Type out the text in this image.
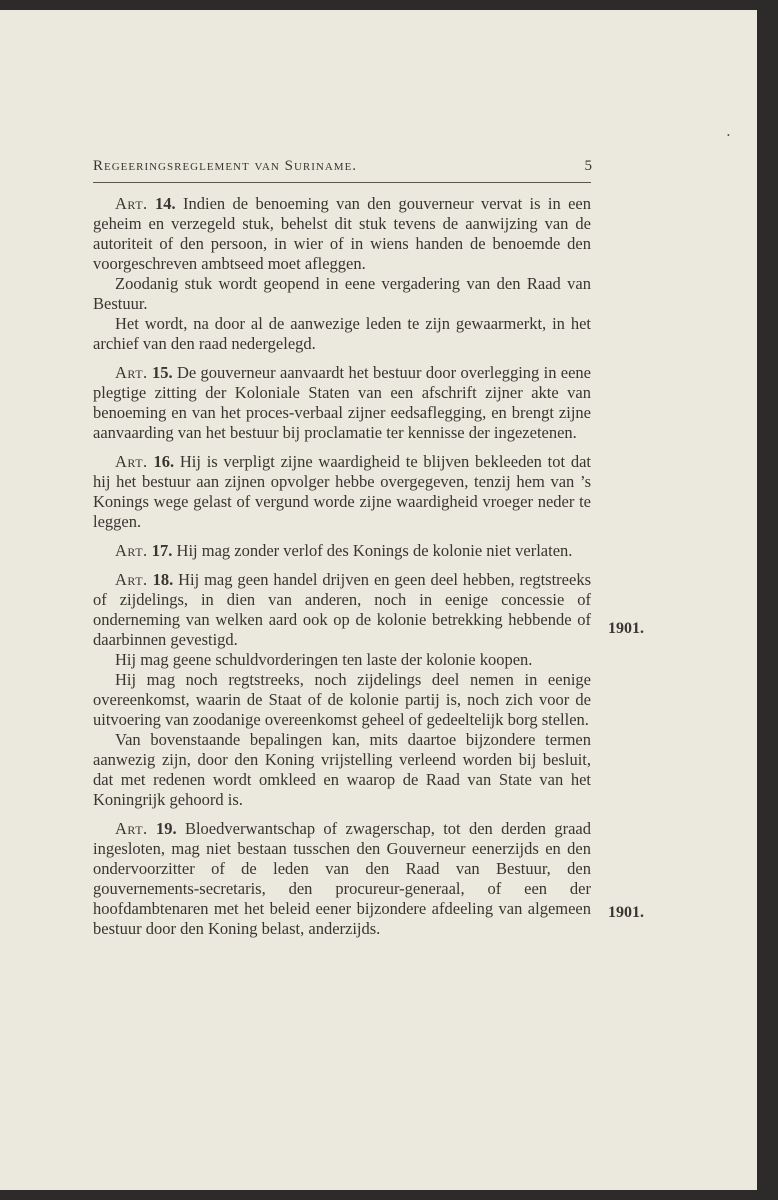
•
Regeeringsreglement van Suriname.	5

Art. 14. Indien de benoeming van den gouverneur vervat is in een geheim en verzegeld stuk, behelst dit stuk tevens de aanwijzing van de autoriteit of den persoon, in wier of in wiens handen de benoemde den voorgeschreven ambtseed moet afleggen.

Zoodanig stuk wordt geopend in eene vergadering van den Raad van Bestuur.

Het wordt, na door al de aanwezige leden te zijn gewaarmerkt, in het archief van den raad nedergelegd.

Art. 15. De gouverneur aanvaardt het bestuur door overlegging in eene plegtige zitting der Koloniale Staten van een afschrift zijner akte van benoeming en van het proces-verbaal zijner eedsaflegging, en brengt zijne aanvaarding van het bestuur bij proclamatie ter kennisse der ingezetenen.

Art. 16. Hij is verpligt zijne waardigheid te blijven bekleeden tot dat hij het bestuur aan zijnen opvolger hebbe overgegeven, tenzij hem van ’s Konings wege gelast of vergund worde zijne waardigheid vroeger neder te leggen.

Art. 17. Hij mag zonder verlof des Konings de kolonie niet verlaten.

Art. 18. Hij mag geen handel drijven en geen deel hebben, regtstreeks of zijdelings, in dien van anderen, noch in eenige concessie of onderneming van welken aard ook op de kolonie betrekking hebbende of daarbinnen gevestigd.

Hij mag geene schuldvorderingen ten laste der kolonie koopen.

Hij mag noch regtstreeks, noch zijdelings deel nemen in eenige overeenkomst, waarin de Staat of de kolonie partij is, noch zich voor de uitvoering van zoodanige overeenkomst geheel of gedeeltelijk borg stellen.

Van bovenstaande bepalingen kan, mits daartoe bijzondere termen aanwezig zijn, door den Koning vrijstelling verleend worden bij besluit, dat met redenen wordt omkleed en waarop de Raad van State van het Koningrijk gehoord is.

Art. 19. Bloedverwantschap of zwagerschap, tot den derden graad ingesloten, mag niet bestaan tusschen den Gouverneur eenerzijds en den ondervoorzitter of de leden van den Raad van Bestuur, den gouvernements-secretaris, den procureur-generaal, of een der hoofdambtenaren met het beleid eener bijzondere afdeeling van algemeen bestuur door den Koning belast, anderzijds.

1901.
1901.
